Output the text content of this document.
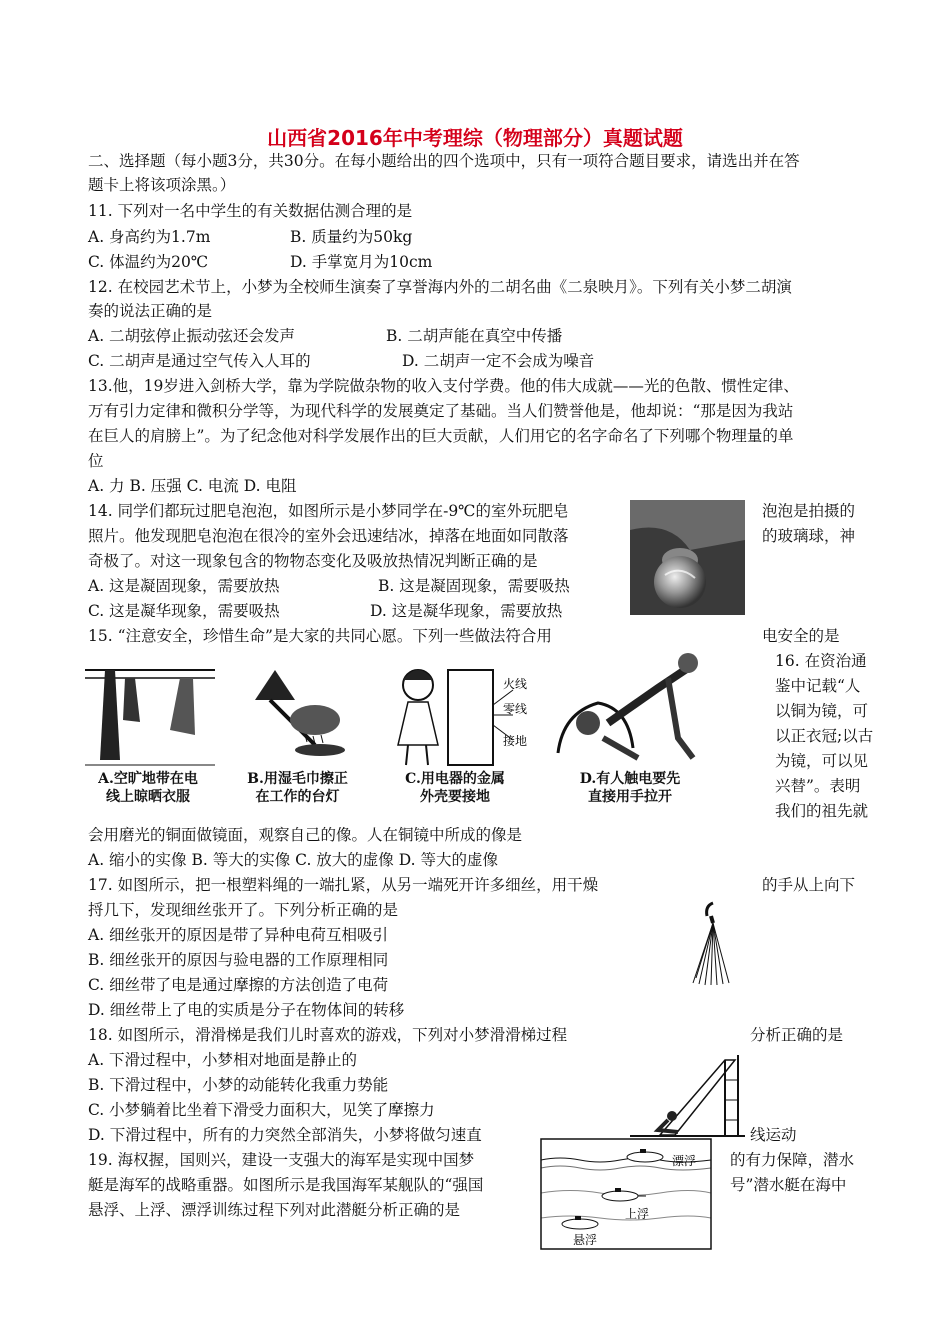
山西省2016年中考理综（物理部分）真题试题
二、选择题（每小题3分，共30分。在每小题给出的四个选项中，只有一项符合题目要求，请选出并在答
题卡上将该项涂黑。）
11. 下列对一名中学生的有关数据估测合理的是
A. 身高约为1.7m	B. 质量约为50kg
C. 体温约为20℃	D. 手掌宽月为10cm
12. 在校园艺术节上，小梦为全校师生演奏了享誉海内外的二胡名曲《二泉映月》。下列有关小梦二胡演
奏的说法正确的是
A. 二胡弦停止振动弦还会发声	B. 二胡声能在真空中传播
C. 二胡声是通过空气传入人耳的	D. 二胡声一定不会成为噪音
13.他，19岁进入剑桥大学，靠为学院做杂物的收入支付学费。他的伟大成就——光的色散、惯性定律、
万有引力定律和微积分学等，为现代科学的发展奠定了基础。当人们赞誉他是，他却说：“那是因为我站
在巨人的肩膀上”。为了纪念他对科学发展作出的巨大贡献，人们用它的名字命名了下列哪个物理量的单
位
A. 力 B. 压强 C. 电流 D. 电阻
14. 同学们都玩过肥皂泡泡，如图所示是小梦同学在-9℃的室外玩肥皂	泡泡是拍摄的
照片。他发现肥皂泡泡在很冷的室外会迅速结冰，掉落在地面如同散落	的玻璃球，神
奇极了。对这一现象包含的物物态变化及吸放热情况判断正确的是
A. 这是凝固现象，需要放热	B. 这是凝固现象，需要吸热
C. 这是凝华现象，需要吸热	D. 这是凝华现象，需要放热
15. “注意安全，珍惜生命”是大家的共同心愿。下列一些做法符合用	电安全的是
A.空旷地带在电
线上晾晒衣服
B.用湿毛巾擦正
在工作的台灯
火线
零线
接地
C.用电器的金属
外壳要接地
D.有人触电要先
直接用手拉开
16. 在资治通
鉴中记载“人
以铜为镜，可
以正衣冠;以古
为镜，可以见
兴替”。表明
我们的祖先就
会用磨光的铜面做镜面，观察自己的像。人在铜镜中所成的像是
A. 缩小的实像 B. 等大的实像 C. 放大的虚像 D. 等大的虚像
17. 如图所示，把一根塑料绳的一端扎紧，从另一端死开许多细丝，用干燥	的手从上向下
捋几下，发现细丝张开了。下列分析正确的是
A. 细丝张开的原因是带了异种电荷互相吸引
B. 细丝张开的原因与验电器的工作原理相同
C. 细丝带了电是通过摩擦的方法创造了电荷
D. 细丝带上了电的实质是分子在物体间的转移
18. 如图所示，滑滑梯是我们儿时喜欢的游戏，下列对小梦滑滑梯过程	分析正确的是
A. 下滑过程中，小梦相对地面是静止的
B. 下滑过程中，小梦的动能转化我重力势能
C. 小梦躺着比坐着下滑受力面积大，见笑了摩擦力
D. 下滑过程中，所有的力突然全部消失，小梦将做匀速直	线运动
19. 海权握，国则兴，建设一支强大的海军是实现中国梦	的有力保障，潜水
艇是海军的战略重器。如图所示是我国海军某舰队的“强国	号”潜水艇在海中
悬浮、上浮、漂浮训练过程下列对此潜艇分析正确的是
漂浮
上浮
悬浮
